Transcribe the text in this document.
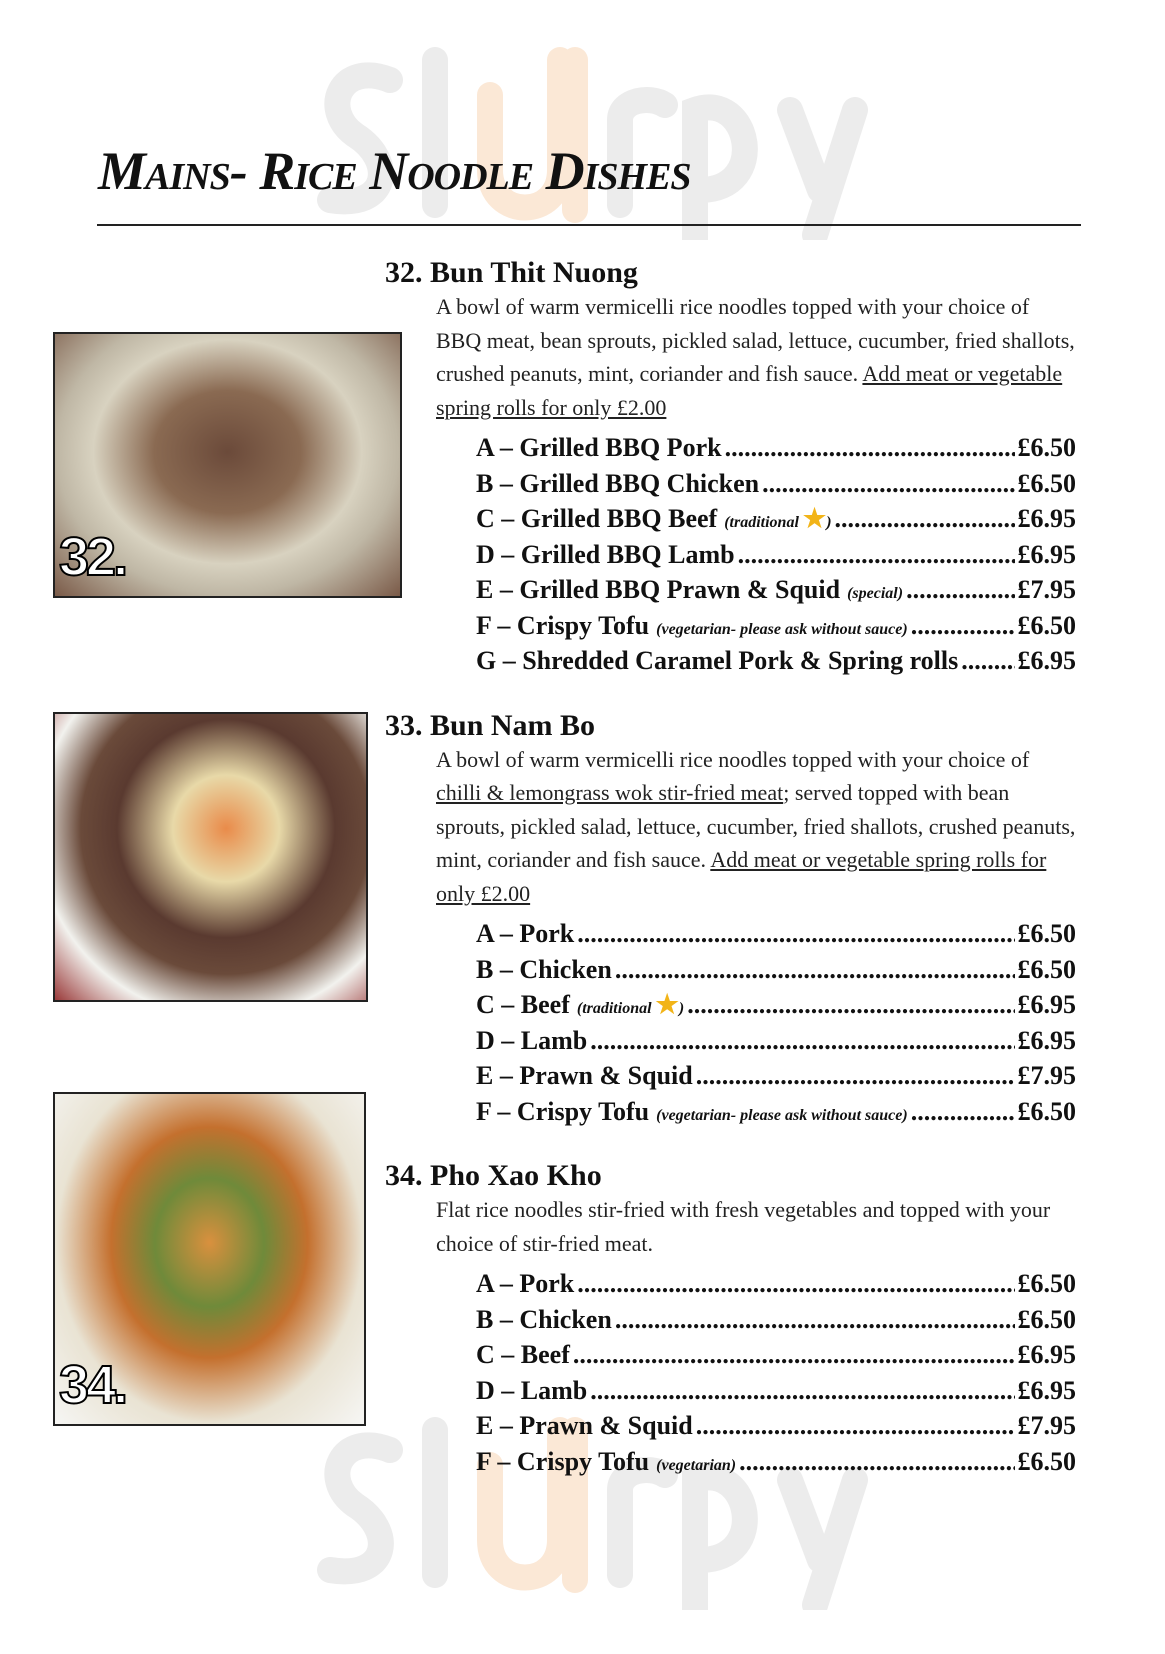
Mains- Rice Noodle Dishes
32.
34.
32. Bun Thit Nuong
A bowl of warm vermicelli rice noodles topped with your choice of BBQ meat, bean sprouts, pickled salad, lettuce, cucumber, fried shallots, crushed peanuts, mint, coriander and fish sauce. Add meat or vegetable spring rolls for only £2.00
A – Grilled BBQ Pork .....	£6.50
B – Grilled BBQ Chicken .....	£6.50
C – Grilled BBQ Beef (traditional ★) .....	£6.95
D – Grilled BBQ Lamb .....	£6.95
E – Grilled BBQ Prawn & Squid (special) .....	£7.95
F – Crispy Tofu (vegetarian- please ask without sauce) .....	£6.50
G – Shredded Caramel Pork & Spring rolls ..... £6.95
33. Bun Nam Bo
A bowl of warm vermicelli rice noodles topped with your choice of chilli & lemongrass wok stir-fried meat; served topped with bean sprouts, pickled salad, lettuce, cucumber, fried shallots, crushed peanuts, mint, coriander and fish sauce. Add meat or vegetable spring rolls for only £2.00
A – Pork .....	£6.50
B – Chicken .....	£6.50
C – Beef (traditional ★) .....	£6.95
D – Lamb .....	£6.95
E – Prawn & Squid .....	£7.95
F – Crispy Tofu (vegetarian- please ask without sauce) .....	£6.50
34. Pho Xao Kho
Flat rice noodles stir-fried with fresh vegetables and topped with your choice of stir-fried meat.
A – Pork .....	£6.50
B – Chicken .....	£6.50
C – Beef .....	£6.95
D – Lamb .....	£6.95
E – Prawn & Squid .....	£7.95
F – Crispy Tofu (vegetarian) .....	£6.50
